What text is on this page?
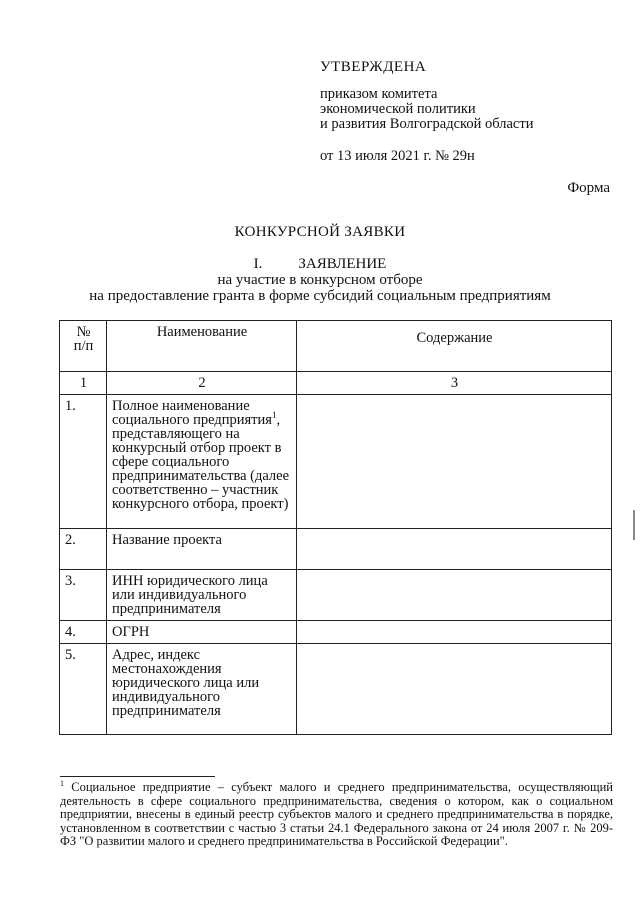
УТВЕРЖДЕНА
приказом комитета
экономической политики
и развития Волгоградской области
от 13 июля 2021 г. № 29н
Форма
КОНКУРСНОЙ ЗАЯВКИ
I. ЗАЯВЛЕНИЕ
на участие в конкурсном отборе
на предоставление гранта в форме субсидий социальным предприятиям
№
п/п	Наименование	Содержание
1	2	3
1.	Полное наименование социального предприятия$^1$, представляющего на конкурсный отбор проект в сфере социального предпринимательства (далее соответственно – участник конкурсного отбора, проект)	
2.	Название проекта	
3.	ИНН юридического лица или индивидуального предпринимателя	
4.	ОГРН	
5.	Адрес, индекс местонахождения юридического лица или индивидуального предпринимателя	
$^1$ Социальное предприятие – субъект малого и среднего предпринимательства, осуществляющий деятельность в сфере социального предпринимательства, сведения о котором, как о социальном предприятии, внесены в единый реестр субъектов малого и среднего предпринимательства в порядке, установленном в соответствии с частью 3 статьи 24.1 Федерального закона от 24 июля 2007 г. № 209-ФЗ "О развитии малого и среднего предпринимательства в Российской Федерации".
